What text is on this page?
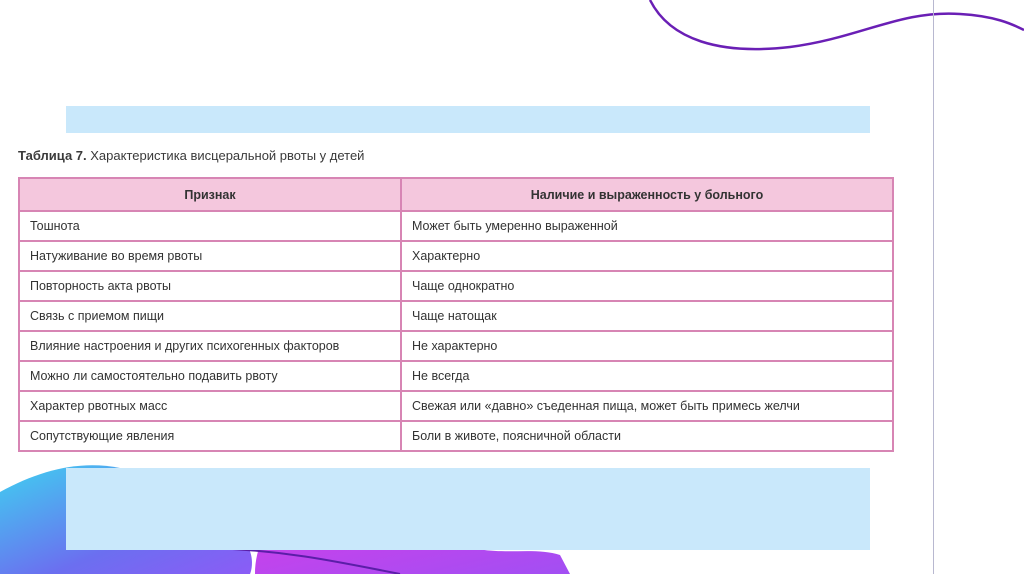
Таблица 7. Характеристика висцеральной рвоты у детей
Признак	Наличие и выраженность у больного
Тошнота	Может быть умеренно выраженной
Натуживание во время рвоты	Характерно
Повторность акта рвоты	Чаще однократно
Связь с приемом пищи	Чаще натощак
Влияние настроения и других психогенных факторов	Не характерно
Можно ли самостоятельно подавить рвоту	Не всегда
Характер рвотных масс	Свежая или «давно» съеденная пища, может быть примесь желчи
Сопутствующие явления	Боли в животе, поясничной области
